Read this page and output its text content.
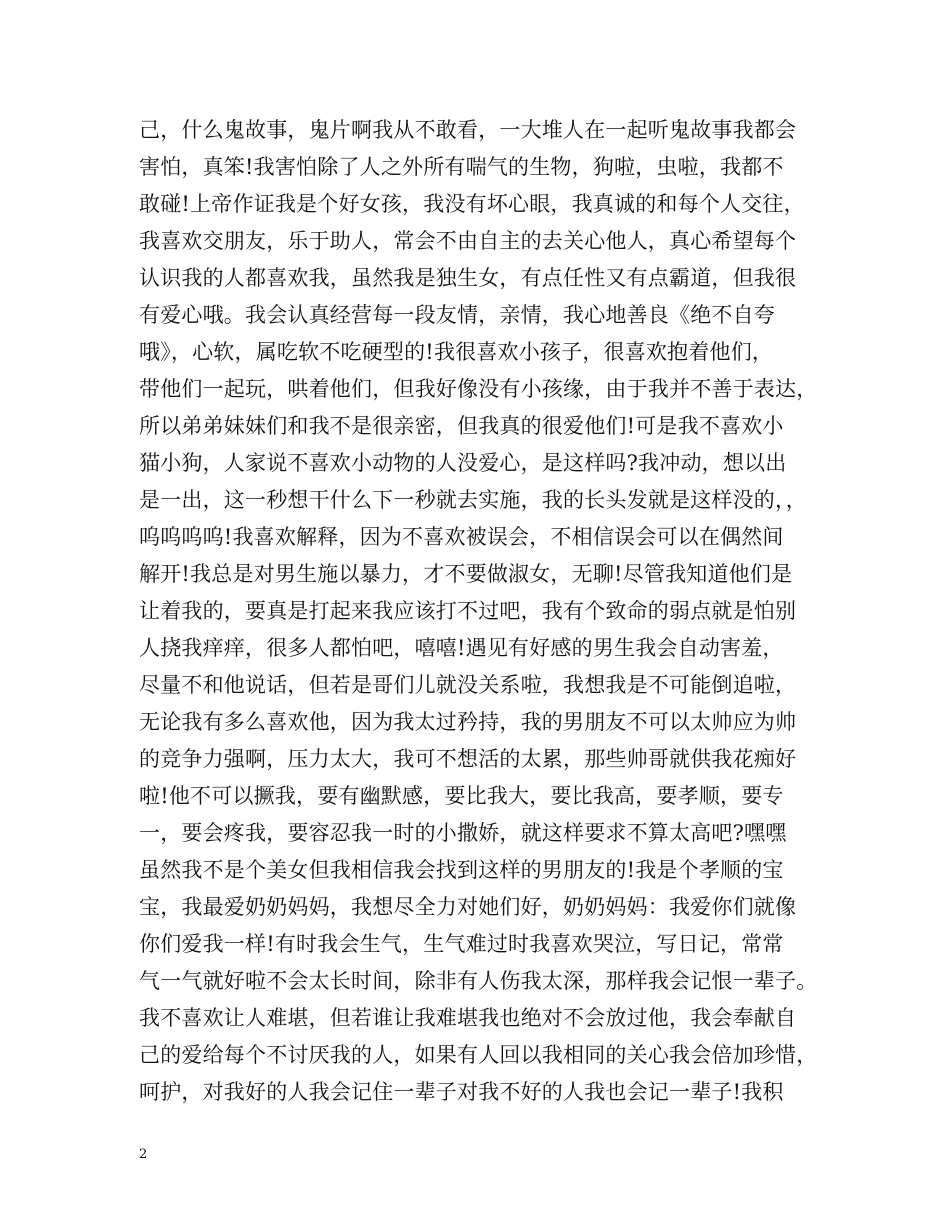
己，什么鬼故事，鬼片啊我从不敢看，一大堆人在一起听鬼故事我都会
害怕，真笨!我害怕除了人之外所有喘气的生物，狗啦，虫啦，我都不
敢碰!上帝作证我是个好女孩，我没有坏心眼，我真诚的和每个人交往，
我喜欢交朋友，乐于助人，常会不由自主的去关心他人，真心希望每个
认识我的人都喜欢我，虽然我是独生女，有点任性又有点霸道，但我很
有爱心哦。我会认真经营每一段友情，亲情，我心地善良《绝不自夸
哦》，心软，属吃软不吃硬型的!我很喜欢小孩子，很喜欢抱着他们，
带他们一起玩，哄着他们，但我好像没有小孩缘，由于我并不善于表达，
所以弟弟妹妹们和我不是很亲密，但我真的很爱他们!可是我不喜欢小
猫小狗，人家说不喜欢小动物的人没爱心，是这样吗?我冲动，想以出
是一出，这一秒想干什么下一秒就去实施，我的长头发就是这样没的，，
呜呜呜呜!我喜欢解释，因为不喜欢被误会，不相信误会可以在偶然间
解开!我总是对男生施以暴力，才不要做淑女，无聊!尽管我知道他们是
让着我的，要真是打起来我应该打不过吧，我有个致命的弱点就是怕别
人挠我痒痒，很多人都怕吧，嘻嘻!遇见有好感的男生我会自动害羞，
尽量不和他说话，但若是哥们儿就没关系啦，我想我是不可能倒追啦，
无论我有多么喜欢他，因为我太过矜持，我的男朋友不可以太帅应为帅
的竞争力强啊，压力太大，我可不想活的太累，那些帅哥就供我花痴好
啦!他不可以撅我，要有幽默感，要比我大，要比我高，要孝顺，要专
一，要会疼我，要容忍我一时的小撒娇，就这样要求不算太高吧?嘿嘿
虽然我不是个美女但我相信我会找到这样的男朋友的!我是个孝顺的宝
宝，我最爱奶奶妈妈，我想尽全力对她们好，奶奶妈妈：我爱你们就像
你们爱我一样!有时我会生气，生气难过时我喜欢哭泣，写日记，常常
气一气就好啦不会太长时间，除非有人伤我太深，那样我会记恨一辈子。
我不喜欢让人难堪，但若谁让我难堪我也绝对不会放过他，我会奉献自
己的爱给每个不讨厌我的人，如果有人回以我相同的关心我会倍加珍惜，
呵护，对我好的人我会记住一辈子对我不好的人我也会记一辈子!我积
2
